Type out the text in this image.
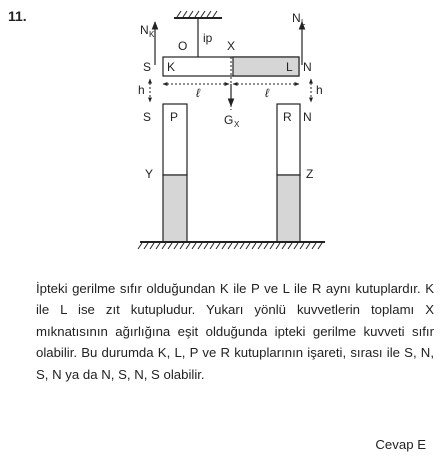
11.
ip
O	X
K	L
S	N
N K
N L
G X
ℓ	ℓ
h	h
S P
Y
R N
Z
İpteki gerilme sıfır olduğundan K ile P ve L ile R aynı kutuplardır. K ile L ise zıt kutupludur. Yukarı yönlü kuvvetlerin toplamı X mıknatısının ağırlığına eşit olduğunda ipteki gerilme kuvveti sıfır olabilir. Bu durumda K, L, P ve R kutuplarının işareti, sırası ile S, N, S, N ya da N, S, N, S olabilir.
Cevap E
